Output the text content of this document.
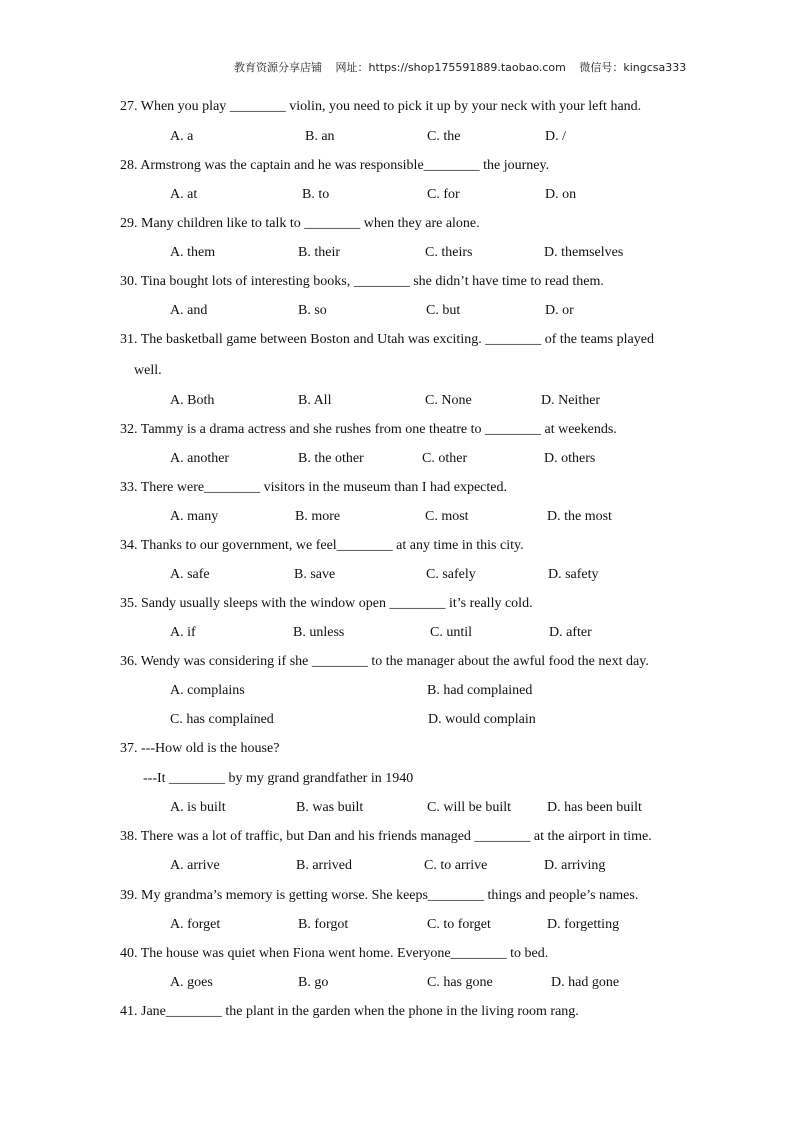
教育资源分享店铺 网址：https://shop175591889.taobao.com 微信号：kingcsa333
27. When you play ________ violin, you need to pick it up by your neck with your left hand.
A. a	B. an	C. the	D. /
28. Armstrong was the captain and he was responsible________ the journey.
A. at	B. to	C. for	D. on
29. Many children like to talk to ________ when they are alone.
A. them	B. their	C. theirs	D. themselves
30. Tina bought lots of interesting books, ________ she didn’t have time to read them.
A. and	B. so	C. but	D. or
31. The basketball game between Boston and Utah was exciting. ________ of the teams played
well.
A. Both	B. All	C. None	D. Neither
32. Tammy is a drama actress and she rushes from one theatre to ________ at weekends.
A. another	B. the other	C. other	D. others
33. There were________ visitors in the museum than I had expected.
A. many	B. more	C. most	D. the most
34. Thanks to our government, we feel________ at any time in this city.
A. safe	B. save	C. safely	D. safety
35. Sandy usually sleeps with the window open ________ it’s really cold.
A. if	B. unless	C. until	D. after
36. Wendy was considering if she ________ to the manager about the awful food the next day.
A. complains	B. had complained
C. has complained	D. would complain
37. ---How old is the house?
---It ________ by my grand grandfather in 1940
A. is built	B. was built	C. will be built	D. has been built
38. There was a lot of traffic, but Dan and his friends managed ________ at the airport in time.
A. arrive	B. arrived	C. to arrive	D. arriving
39. My grandma’s memory is getting worse. She keeps________ things and people’s names.
A. forget	B. forgot	C. to forget	D. forgetting
40. The house was quiet when Fiona went home. Everyone________ to bed.
A. goes	B. go	C. has gone	D. had gone
41. Jane________ the plant in the garden when the phone in the living room rang.
